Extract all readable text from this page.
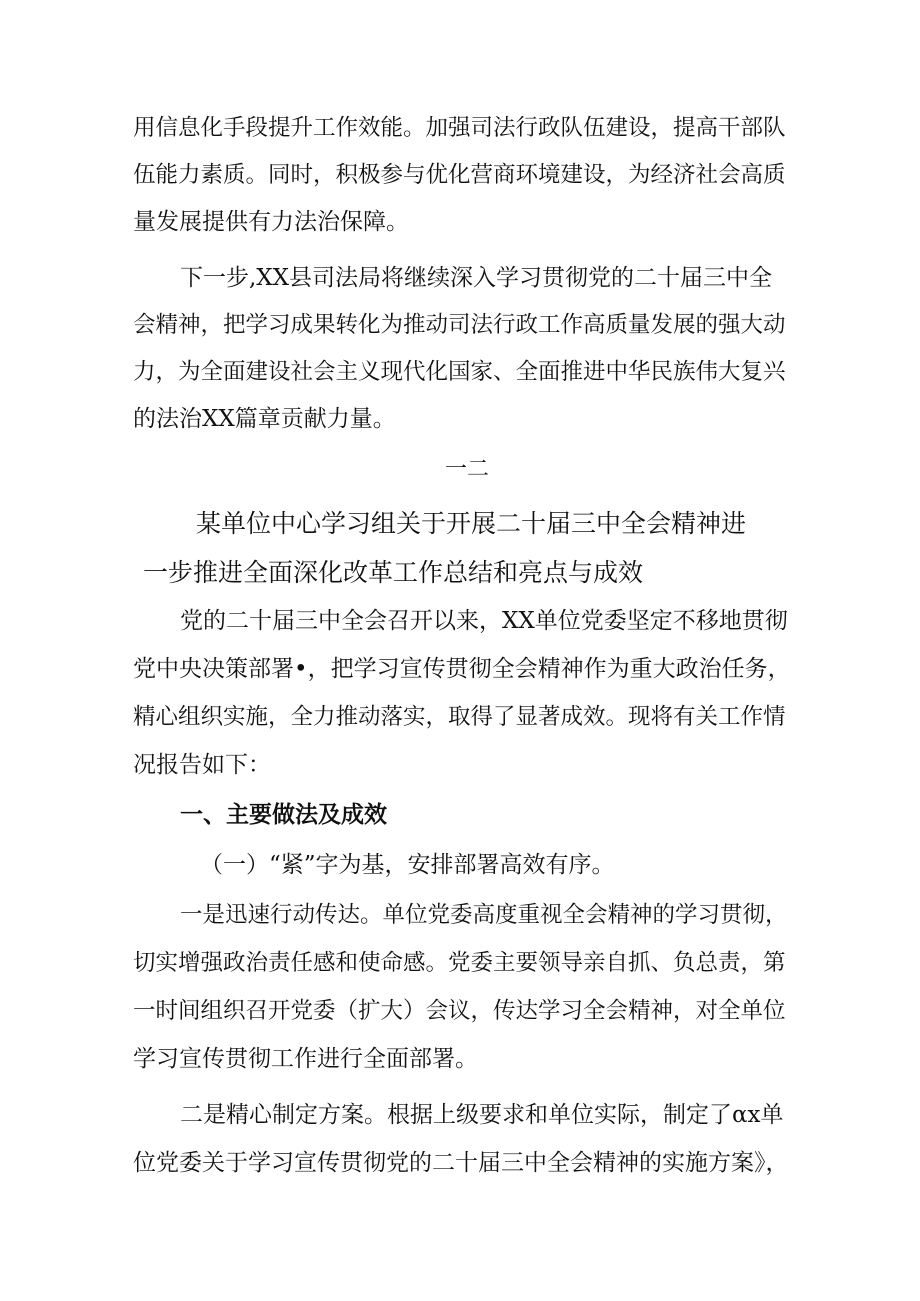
用信息化手段提升工作效能。加强司法行政队伍建设，提高干部队
伍能力素质。同时，积极参与优化营商环境建设，为经济社会高质
量发展提供有力法治保障。
下一步,XX县司法局将继续深入学习贯彻党的二十届三中全
会精神，把学习成果转化为推动司法行政工作高质量发展的强大动
力，为全面建设社会主义现代化国家、全面推进中华民族伟大复兴
的法治XX篇章贡献力量。
一二
某单位中心学习组关于开展二十届三中全会精神进
一步推进全面深化改革工作总结和亮点与成效
党的二十届三中全会召开以来，XX单位党委坚定不移地贯彻
党中央决策部署•，把学习宣传贯彻全会精神作为重大政治任务，
精心组织实施，全力推动落实，取得了显著成效。现将有关工作情
况报告如下：
一、主要做法及成效
（一）“紧”字为基，安排部署高效有序。
一是迅速行动传达。单位党委高度重视全会精神的学习贯彻，
切实增强政治责任感和使命感。党委主要领导亲自抓、负总责，第
一时间组织召开党委（扩大）会议，传达学习全会精神，对全单位
学习宣传贯彻工作进行全面部署。
二是精心制定方案。根据上级要求和单位实际，制定了αx单
位党委关于学习宣传贯彻党的二十届三中全会精神的实施方案》，
